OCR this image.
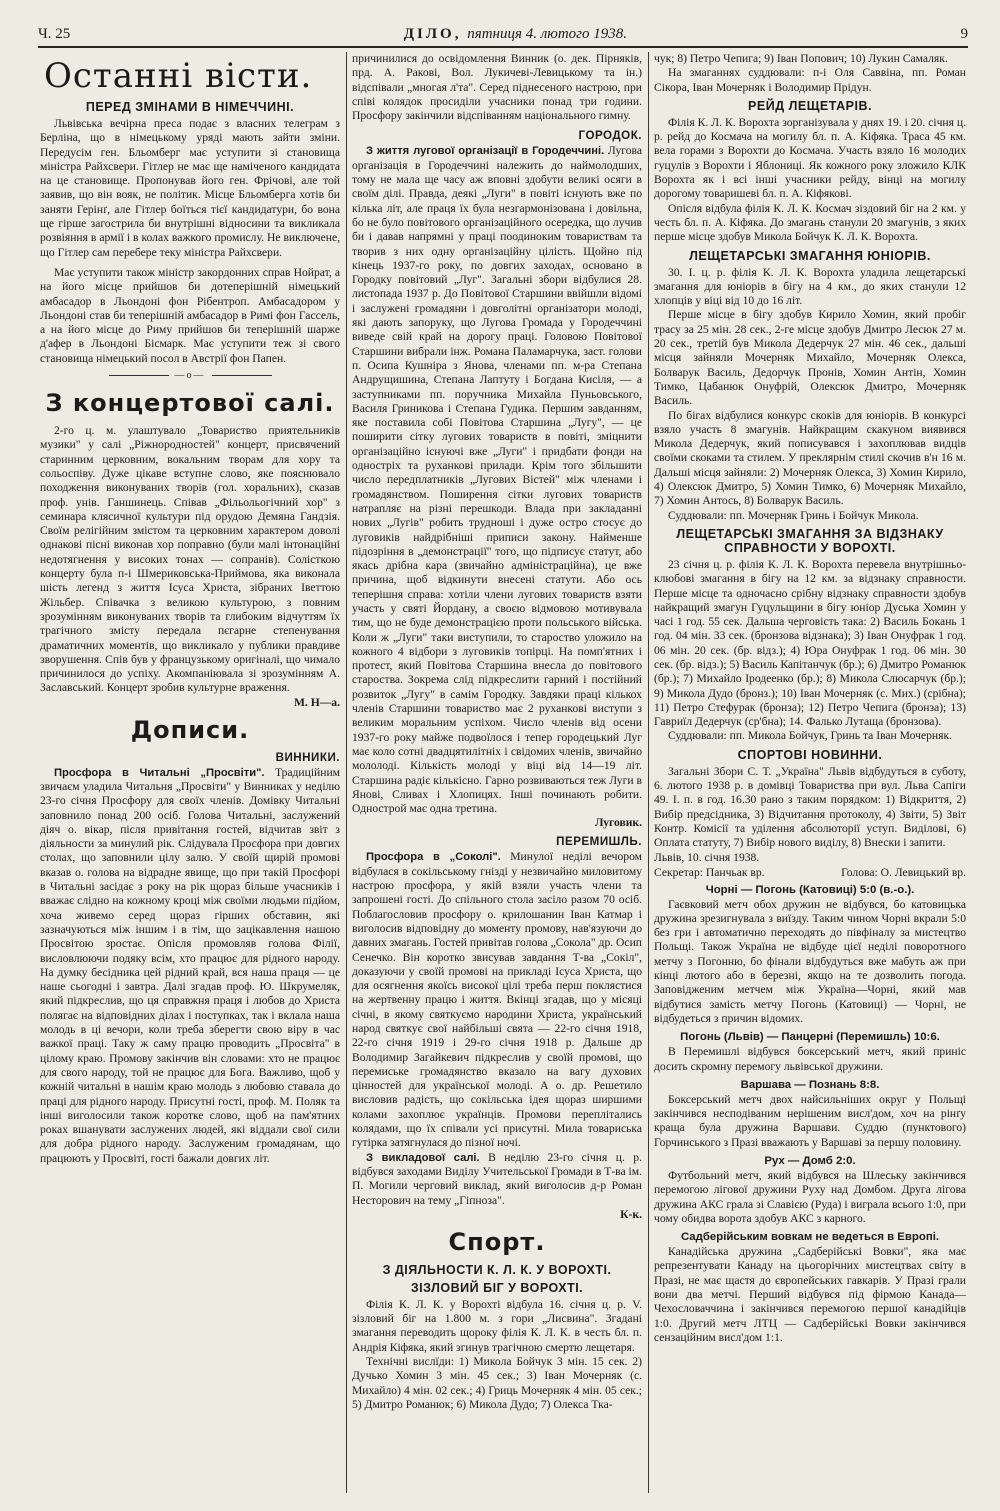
Ч. 25	ДІЛО, пятниця 4. лютого 1938.	9
Останні вісти.
ПЕРЕД ЗМІНАМИ В НІМЕЧЧИНІ.

Львівська вечірна преса подає з власних телеграм з Берліна, що в німецькому уряді мають зайти зміни. Передусім ген. Бльомберг має уступити зі становища міністра Райхсвери. Гітлер не має ще наміченого кандидата на це становище. Пропонував його ген. Фрічові, але той заявив, що він вояк, не політик. Місце Бльомберга хотів би заняти Герінґ, але Гітлер боїться тієї кандидатури, бо вона ще гірше загострила би внутрішні відносини та викликала розвіяння в армії і в колах важкого промислу. Не виключене, що Гітлер сам перебере теку міністра Райхсвери.

Має уступити також міністр закордонних справ Нойрат, а на його місце прийшов би дотеперішній німецький амбасадор в Льондоні фон Рібентроп. Амбасадором у Льондоні став би теперішній амбасадор в Римі фон Гассель, а на його місце до Риму прийшов би теперішній шарже д'афер в Льондоні Бісмарк. Має уступити теж зі свого становища німецький посол в Австрії фон Папен.

—o—
З концертової салі.

2-го ц. м. улаштувало „Товариство приятельників музики" у салі „Ріжнородностей" концерт, присвячений старинним церковним, вокальним творам для хору та сольоспіву. Дуже цікаве вступне слово, яке пояснювало походження виконуваних творів (гол. хоральних), сказав проф. унів. Ганшинець. Співав „Фільольогічний хор" з семинара клясичної культури під орудою Демяна Гандзія. Своїм релігійним змістом та церковним характером доволі однакові пісні виконав хор поправно (були малі інтонаційні недотягнення у високих тонах — сопранів). Солісткою концерту була п-і Шмериковська-Приймова, яка виконала шість легенд з життя Ісуса Христа, зібраних Іветтою Жільбер. Співачка з великою культурою, з повним зрозумінням виконуваних творів та глибоким відчуттям їх трагічного змісту передала пєгарне степенування драматичних моментів, що викликало у публики правдиве зворушення. Спів був у французькому оригіналі, що чимало причинилося до успіху. Акомпаніювала зі зрозумінням А. Заславський. Концерт зробив культурне враження.

М. Н—а.
Дописи.
ВИННИКИ.

Просфора в Читальні „Просвіти". Традиційним звичаєм уладила Читальня „Просвіти" у Винниках у неділю 23-го січня Просфору для своїх членів. Домівку Читальні заповнило понад 200 осіб. Голова Читальні, заслужений діяч о. вікар, після привітання гостей, відчитав звіт з діяльности за минулий рік. Слідувала Просфора при довгих столах, що заповнили цілу залю. У своїй щирій промові вказав о. голова на відрадне явище, що при такій Просфорі в Читальні засідає з року на рік щораз більше учасників і вважає слідно на кожному кроці між своїми людьми підйом, хоча живемо серед щораз гірших обставин, які зазначуються між іншим і в тім, що зацікавлення нашою Просвітою зростає. Опісля промовляв голова Філії, висловлюючи подяку всім, хто працює для рідного народу. На думку бесідника цей рідний край, вся наша праця — це наше сьогодні і завтра. Далі згадав проф. Ю. Шкрумеляк, який підкреслив, що ця справжня праця і любов до Христа полягає на відповідних ділах і поступках, так і вклала наша молодь в ці вечори, коли треба зберегти свою віру в час важкої праці. Таку ж саму працю проводить „Просвіта" в цілому краю. Промову закінчив він словами: хто не працює для свого народу, той не працює для Бога. Важливо, щоб у кожній читальні в нашім краю молодь з любовю ставала до праці для рідного народу. Присутні гості, проф. М. Поляк та інші виголосили також коротке слово, щоб на пам'ятних роках вшанувати заслужених людей, які віддали свої сили для добра рідного народу. Заслуженим громадянам, що працюють у Просвіті, гості бажали довгих літ.

причинилися до освідомлення Винник (о. дек. Пірняків, прд. А. Ракові, Вол. Лукичеві-Левицькому та ін.) відспівали „многая л'та". Серед піднесеного настрою, при співі колядок просиділи учасники понад три години. Просфору закінчили відспіванням національного гимну.

ГОРОДОК.

З життя лугової організації в Городеччині. Лугова організація в Городеччині належить до наймолодших, тому не мала ще часу аж вповні здобути великі осяги в своїм ділі. Правда, деякі „Луги" в повіті існують вже по кілька літ, але праця їх була незгармонізована і довільна, бо не було повітового організаційного осередка, що лучив би і давав напрямні у праці поодиноким товариствам та творив з них одну організаційну цілість. Щойно під кінець 1937-го року, по довгих заходах, основано в Городку повітовий „Луг". Загальні збори відбулися 28. листопада 1937 р. До Повітової Старшини ввійшли відомі і заслужені громадяни і довголітні організатори молоді, які дають запоруку, що Лугова Громада у Городеччині виведе свій край на дорогу праці. Головою Повітової Старшини вибрали інж. Романа Паламарчука, заст. голови п. Осипа Кушніра з Янова, членами пп. м-ра Степана Андрущишина, Степана Лаптуту і Богдана Кисіля, — а заступниками пп. поручника Михайла Пуньовського, Василя Гриникова і Степана Гудика. Першим завданням, яке поставила собі Повітова Старшина „Лугу", — це поширити сітку лугових товариств в повіті, зміцнити організаційно існуючі вже „Луги" і придбати фонди на одностріх та руханкові прилади. Крім того збільшити число передплатників „Лугових Вістей" між членами і громадянством. Поширення сітки лугових товариств натрапляє на різні перешкоди. Влада при закладанні нових „Лугів" робить трудноші і дуже остро стосує до луговиків найдрібніші приписи закону. Найменше підозріння в „демонстрації" того, що підписує статут, або якась дрібна кара (звичайно адміністраційна), це вже причина, щоб відкинути внесені статути. Або ось теперішня справа: хотіли члени лугових товариств взяти участь у святі Йордану, а своєю відмовою мотивувала тим, що не буде демонстрацією проти польського війська. Коли ж „Луги" таки виступили, то староство уложило на кожного 4 відбори з луговиків топірці. На помп'ятних і протест, який Повітова Старшина внесла до повітового староства. Зокрема слід підкреслити гарний і постійний розвиток „Лугу" в самім Городку. Завдяки праці кількох членів Старшини товариство має 2 руханкові виступи з великим моральним успіхом. Число членів від осени 1937-го року майже подвоїлося і тепер городецький Луг має коло сотні двадцятилітніх і свідомих членів, звичайно мололоді. Кількість молоді у віці від 14—19 літ. Старшина радіє кількісно. Гарно розвиваються теж Луги в Янові, Сливах і Хлопицях. Інші починають робити. Однострой має одна третина.

Луговик.
ПЕРЕМИШЛЬ.

Просфора в „Соколі". Минулої неділі вечором відбулася в сокільському гнізді у незвичайно миловитому настрою просфора, у якій взяли участь члени та запрошені гості. До спільного стола засіло разом 70 осіб. Поблагословив просфору о. крилошанин Іван Катмар і виголосив відповідну до моменту промову, нав'язуючи до давних змагань. Гостей привітав голова „Сокола" др. Осип Сенечко. Він коротко звисував завдання Т-ва „Сокіл", доказуючи у своїй промові на прикладі Ісуса Христа, що для осягнення якоїсь високої цілі треба перш поклястися на жертвенну працю і життя. Вкінці згадав, що у місяці січні, в якому святкуємо народини Христа, український народ святкує свої найбільші свята — 22-го січня 1918, 22-го січня 1919 і 29-го січня 1918 р. Дальше др Володимир Загайкевич підкреслив у своїй промові, що перемиське громадянство вказало на вагу духових цінностей для української молоді. А о. др. Решетило висловив радість, що сокільська ідея щораз ширшими колами захоплює українців. Промови переплітались колядами, що їх співали усі присутні. Мила товариська гутірка затягнулася до пізної ночі.

З викладової салі. В неділю 23-го січня ц. р. відбувся заходами Виділу Учительської Громади в Т-ва ім. П. Могили черговий виклад, який виголосив д-р Роман Несторович на тему „Гіпноза".

К-к.
Спорт.
З ДІЯЛЬНОСТИ К. Л. К. У ВОРОХТІ.
ЗІЗЛОВИЙ БІГ У ВОРОХТІ.

Філія К. Л. К. у Ворохті відбула 16. січня ц. р. V. зізловий біг на 1.800 м. з гори „Лисвина". Згадані змагання переводить щороку філія К. Л. К. в честь бл. п. Андрія Кіфяка, який згинув трагічною смертю лещетаря.

Технічні вислїди: 1) Микола Бойчук 3 мін. 15 сек. 2) Дучько Хомин 3 мін. 45 сек.; 3) Іван Мочерняк (с. Михайло) 4 мін. 02 сек.; 4) Гриць Мочерняк 4 мін. 05 сек.; 5) Дмитро Романюк; 6) Микола Дудо; 7) Олекса Тка-

чук; 8) Петро Чепига; 9) Іван Попович; 10) Лукин Самаляк.

На змаганнях суддювали: п-і Оля Саввіна, пп. Роман Сікора, Іван Мочерняк і Володимир Прідун.

РЕЙД ЛЕЩЕТАРІВ.

Філія К. Л. К. Ворохта зорганізувала у днях 19. і 20. січня ц. р. рейд до Космача на могилу бл. п. А. Кіфяка. Траса 45 км. вела горами з Ворохти до Космача. Участь взяло 16 молодих гуцулів з Ворохти і Яблониці. Як кожного року зложило КЛК Ворохта як і всі інші учасники рейду, вінці на могилу дорогому товаришеві бл. п. А. Кіфякові.

Опісля відбула філія К. Л. К. Космач зіздовий біг на 2 км. у честь бл. п. А. Кіфяка. До змагань станули 20 змагунів, з яких перше місце здобув Микола Бойчук К. Л. К. Ворохта.

ЛЕЩЕТАРСЬКІ ЗМАГАННЯ ЮНІОРІВ.

30. І. ц. р. філія К. Л. К. Ворохта уладила лещетарські змагання для юніорів в бігу на 4 км., до яких станули 12 хлопців у віці від 10 до 16 літ.

Перше місце в бігу здобув Кирило Хомин, який пробіг трасу за 25 мін. 28 сек., 2-ге місце здобув Дмитро Лесюк 27 м. 20 сек., третій був Микола Дедерчук 27 мін. 46 сек., дальші місця зайняли Мочерняк Михайло, Мочерняк Олекса, Болварук Василь, Дедорчук Пронів, Хомин Антін, Хомин Тимко, Цабанюк Онуфрій, Олексюк Дмитро, Мочерняк Василь.

По бігах відбулися конкурс скоків для юніорів. В конкурсі взяло участь 8 змагунів. Найкращим скакуном виявився Микола Дедерчук, який пописувався і захоплював видців своїми скоками та стилем. У преклярнім стилі скочив в'н 16 м. Дальші місця зайняли: 2) Мочерняк Олекса, 3) Хомин Кирило, 4) Олексюк Дмитро, 5) Хомин Тимко, 6) Мочерняк Михайло, 7) Хомин Антось, 8) Болварук Василь.

Суддювали: пп. Мочерняк Гринь і Бойчук Микола.

ЛЕЩЕТАРСЬКІ ЗМАГАННЯ ЗА ВІДЗНАКУ СПРАВНОСТИ У ВОРОХТІ.

23 січня ц. р. філія К. Л. К. Ворохта перевела внутрішньо-клюбові змагання в бігу на 12 км. за відзнаку справности. Перше місце та одночасно срібну відзнаку справности здобув найкращий змагун Гуцульщини в бігу юніор Дуська Хомин у часі 1 год. 55 сек. Дальша черговість така: 2) Василь Бокань 1 год. 04 мін. 33 сек. (бронзова відзнака); 3) Іван Онуфрак 1 год. 06 мін. 20 сек. (бр. відз.); 4) Юра Онуфрак 1 год. 06 мін. 30 сек. (бр. відз.); 5) Василь Капітанчук (бр.); 6) Дмитро Романюк (бр.); 7) Михайло Іродеенко (бр.); 8) Микола Слюсарчук (бр.); 9) Микола Дудо (бронз.); 10) Іван Мочерняк (с. Мих.) (срібна); 11) Петро Стефурак (бронза); 12) Петро Чепига (бронза); 13) Гавриїл Дедерчук (ср'бна); 14. Фалько Лутаща (бронзова).

Суддювали: пп. Микола Бойчук, Гринь та Іван Мочерняк.

СПОРТОВІ НОВИННИ.

Загальні Збори С. Т. „Україна" Львів відбудуться в суботу, 6. лютого 1938 р. в домівці Товариства при вул. Льва Сапіги 49. І. п. в год. 16.30 рано з таким порядком: 1) Відкриття, 2) Вибір предсідника, 3) Відчитання протоколу, 4) Звіти, 5) Звіт Контр. Комісії та уділення абсолюторії уступ. Виділові, 6) Оплата статуту, 7) Вибір нового виділу, 8) Внески і запити.

Львів, 10. січня 1938.
Секретар: Панчьак вр.	Голова: О. Левицький вр.
Чорні — Погонь (Катовиці) 5:0 (в.-о.).

Гаєвковий метч обох дружин не відбувся, бо катовицька дружина зрезигнувала з виїзду. Таким чином Чорні вкрали 5:0 без гри і автоматично переходять до півфіналу за мистецтво Польщі. Також Україна не відбуде цієї неділі поворотного метчу з Погонню, бо фінали відбудуться вже мабуть аж при кінці лютого або в березні, якщо на те дозволить погода. Заповідженим метчем між Україна—Чорні, який мав відбутися замість метчу Погонь (Катовиці) — Чорні, не відбудеться з причин відомих.

Погонь (Львів) — Панцерні (Перемишль) 10:6.

В Перемишлі відбувся боксерський метч, який приніс досить скромну перемогу львівської дружини.

Варшава — Познань 8:8.

Боксерський метч двох найсильніших округ у Польщі закінчився несподіваним нерішеним висл'дом, хоч на рінґу краща була дружина Варшави. Суддю (пунктового) Горчинського з Празі вважають у Варшаві за першу половину.

Рух — Домб 2:0.

Футбольний метч, який відбувся на Шлеську закінчився перемогою лігової дружини Руху над Домбом. Друга лігова дружина АКС грала зі Славією (Руда) і виграла всього 1:0, при чому обидва ворота здобув АКС з карного.

Садберійським вовкам не ведеться в Европі.

Канадійська дружина „Садберійські Вовки", яка має репрезентувати Канаду на цьогорічних мистецтвах світу в Празі, не має щастя до європейських гавкарів. У Празі грали вони два метчі. Перший відбувся під фірмою Канада—Чехословаччина і закінчився перемогою першої канадійців 1:0. Другий метч ЛТЦ — Садберійські Вовки закінчився сензаційним висл'дом 1:1.
